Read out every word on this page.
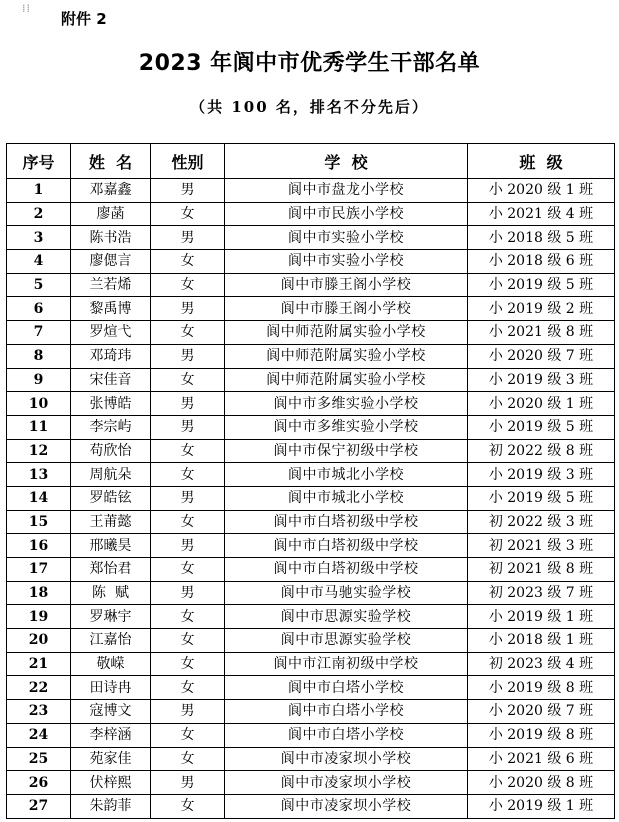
⁞⁞
附件 2
2023 年阆中市优秀学生干部名单
（共 100 名，排名不分先后）
序号	姓  名	性别	学  校	班  级
1	邓嘉鑫	男	阆中市盘龙小学校	小 2020 级 1 班
2	廖菡	女	阆中市民族小学校	小 2021 级 4 班
3	陈书浩	男	阆中市实验小学校	小 2018 级 5 班
4	廖偲言	女	阆中市实验小学校	小 2018 级 6 班
5	兰若烯	女	阆中市滕王阁小学校	小 2019 级 5 班
6	黎禹博	男	阆中市滕王阁小学校	小 2019 级 2 班
7	罗煊弋	女	阆中师范附属实验小学校	小 2021 级 8 班
8	邓琦玮	男	阆中师范附属实验小学校	小 2020 级 7 班
9	宋佳音	女	阆中师范附属实验小学校	小 2019 级 3 班
10	张博皓	男	阆中市多维实验小学校	小 2020 级 1 班
11	李宗屿	男	阆中市多维实验小学校	小 2019 级 5 班
12	苟欣怡	女	阆中市保宁初级中学校	初 2022 级 8 班
13	周航朵	女	阆中市城北小学校	小 2019 级 3 班
14	罗皓铉	男	阆中市城北小学校	小 2019 级 5 班
15	王莆懿	女	阆中市白塔初级中学校	初 2022 级 3 班
16	邢曦昊	男	阆中市白塔初级中学校	初 2021 级 3 班
17	郑怡君	女	阆中市白塔初级中学校	初 2021 级 8 班
18	陈  赋	男	阆中市马驰实验学校	初 2023 级 7 班
19	罗琳宇	女	阆中市思源实验学校	小 2019 级 1 班
20	江嘉怡	女	阆中市思源实验学校	小 2018 级 1 班
21	敬嵘	女	阆中市江南初级中学校	初 2023 级 4 班
22	田诗冉	女	阆中市白塔小学校	小 2019 级 8 班
23	寇博文	男	阆中市白塔小学校	小 2020 级 7 班
24	李梓涵	女	阆中市白塔小学校	小 2019 级 8 班
25	苑家佳	女	阆中市凌家坝小学校	小 2021 级 6 班
26	伏梓熙	男	阆中市凌家坝小学校	小 2020 级 8 班
27	朱韵菲	女	阆中市凌家坝小学校	小 2019 级 1 班
